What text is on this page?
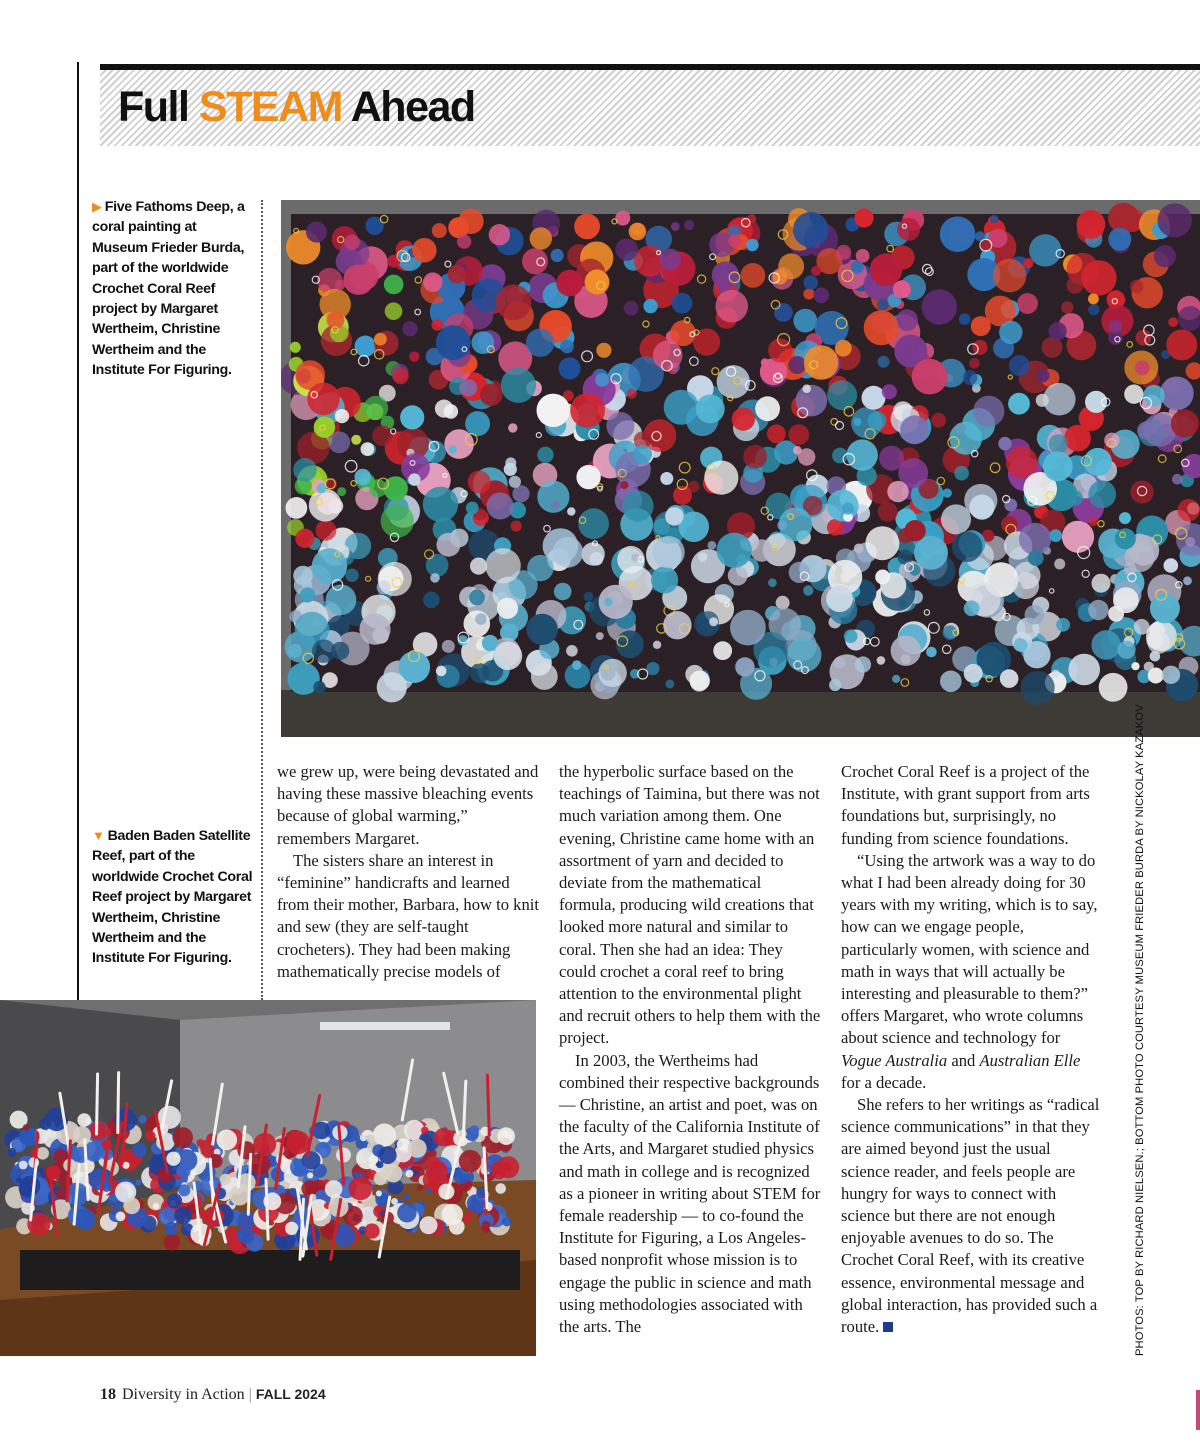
Full STEAM Ahead
▶ Five Fathoms Deep, a coral painting at Museum Frieder Burda, part of the worldwide Crochet Coral Reef project by Margaret Wertheim, Christine Wertheim and the Institute For Figuring.
▼ Baden Baden Satellite Reef, part of the worldwide Crochet Coral Reef project by Margaret Wertheim, Christine Wertheim and the Institute For Figuring.

we grew up, were being devastated and having these massive bleaching events because of global warming,” remembers Margaret.

The sisters share an interest in “feminine” handicrafts and learned from their mother, Barbara, how to knit and sew (they are self-taught crocheters). They had been making mathematically precise models of

the hyperbolic surface based on the teachings of Taimina, but there was not much variation among them. One evening, Christine came home with an assortment of yarn and decided to deviate from the mathematical formula, producing wild creations that looked more natural and similar to coral. Then she had an idea: They could crochet a coral reef to bring attention to the environmental plight and recruit others to help them with the project.

In 2003, the Wertheims had combined their respective backgrounds — Christine, an artist and poet, was on the faculty of the California Institute of the Arts, and Margaret studied physics and math in college and is recognized as a pioneer in writing about STEM for female readership — to co-found the Institute for Figuring, a Los Angeles-based nonprofit whose mission is to engage the public in science and math using methodologies associated with the arts. The

Crochet Coral Reef is a project of the Institute, with grant support from arts foundations but, surprisingly, no funding from science foundations.

“Using the artwork was a way to do what I had been already doing for 30 years with my writing, which is to say, how can we engage people, particularly women, with science and math in ways that will actually be interesting and pleasurable to them?” offers Margaret, who wrote columns about science and technology for Vogue Australia and Australian Elle for a decade.

She refers to her writings as “radical science communications” in that they are aimed beyond just the usual science reader, and feels people are hungry for ways to connect with science but there are not enough enjoyable avenues to do so. The Crochet Coral Reef, with its creative essence, environmental message and global interaction, has provided such a route.	PHOTOS: TOP BY RICHARD NIELSEN.; BOTTOM PHOTO COURTESY MUSEUM FRIEDER BURDA BY NICKOLAY KAZAKOV
18 Diversity in Action | FALL 2024
